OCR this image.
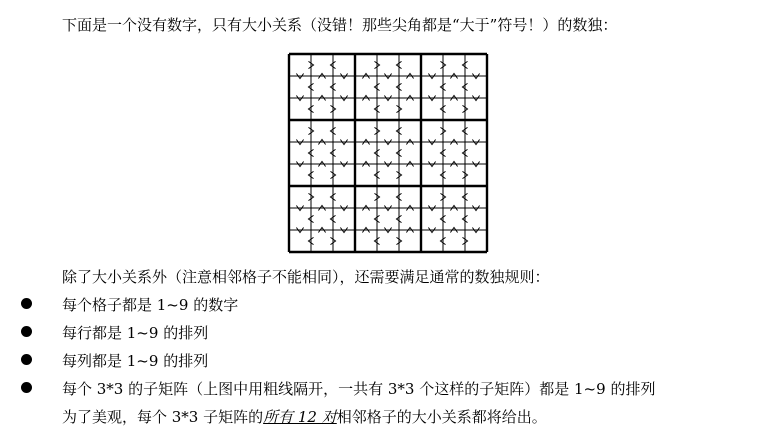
下面是一个没有数字，只有大小关系（没错！那些尖角都是“大于”符号！）的数独：
除了大小关系外（注意相邻格子不能相同），还需要满足通常的数独规则：
每个格子都是 1~9 的数字
每行都是 1~9 的排列
每列都是 1~9 的排列
每个 3*3 的子矩阵（上图中用粗线隔开，一共有 3*3 个这样的子矩阵）都是 1~9 的排列
为了美观，每个 3*3 子矩阵的所有 12 对相邻格子的大小关系都将给出。
